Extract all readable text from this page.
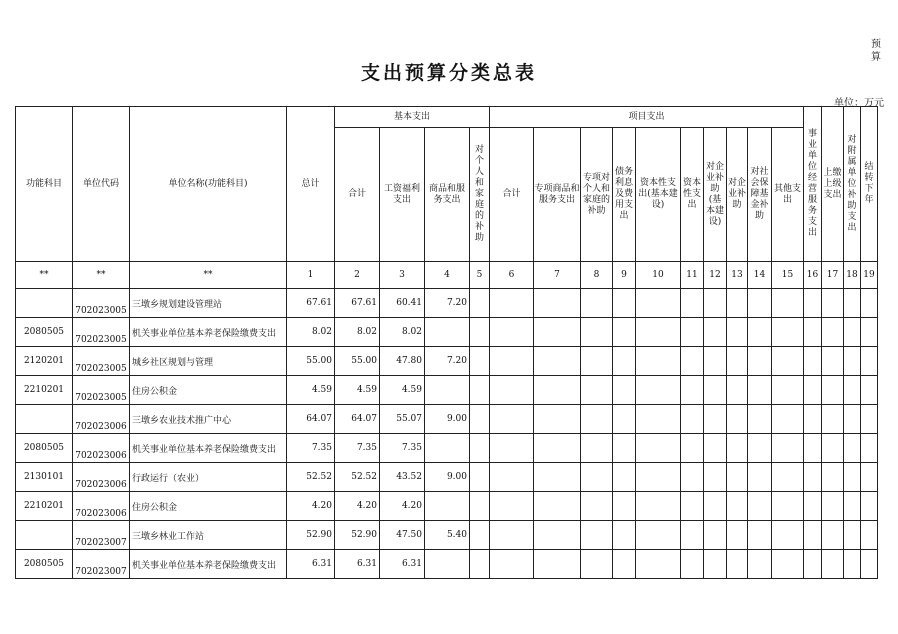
预算
支出预算分类总表
单位：万元
功能科目	单位代码	单位名称(功能科目)	总计	基本支出				项目支出										事业单位经营服务支出	上缴上级支出	对附属单位补助支出	结转下年
				合计	工资福利支出	商品和服务支出	对个人和家庭的补助	合计	专项商品和服务支出	专项对个人和家庭的补助	债务利息及费用支出	资本性支出(基本建设)	资本性支出	对企业补助(基本建设)	对企业补助	对社会保障基金补助	其他支出				
**	**	**	1	2	3	4	5	6	7	8	9	10	11	12	13	14	15	16	17	18	19
	702023005	三墩乡规划建设管理站	67.61	67.61	60.41	7.20															
2080505	702023005	机关事业单位基本养老保险缴费支出	8.02	8.02	8.02																
2120201	702023005	城乡社区规划与管理	55.00	55.00	47.80	7.20															
2210201	702023005	住房公积金	4.59	4.59	4.59																
	702023006	三墩乡农业技术推广中心	64.07	64.07	55.07	9.00															
2080505	702023006	机关事业单位基本养老保险缴费支出	7.35	7.35	7.35																
2130101	702023006	行政运行（农业）	52.52	52.52	43.52	9.00															
2210201	702023006	住房公积金	4.20	4.20	4.20																
	702023007	三墩乡林业工作站	52.90	52.90	47.50	5.40															
2080505	702023007	机关事业单位基本养老保险缴费支出	6.31	6.31	6.31																
